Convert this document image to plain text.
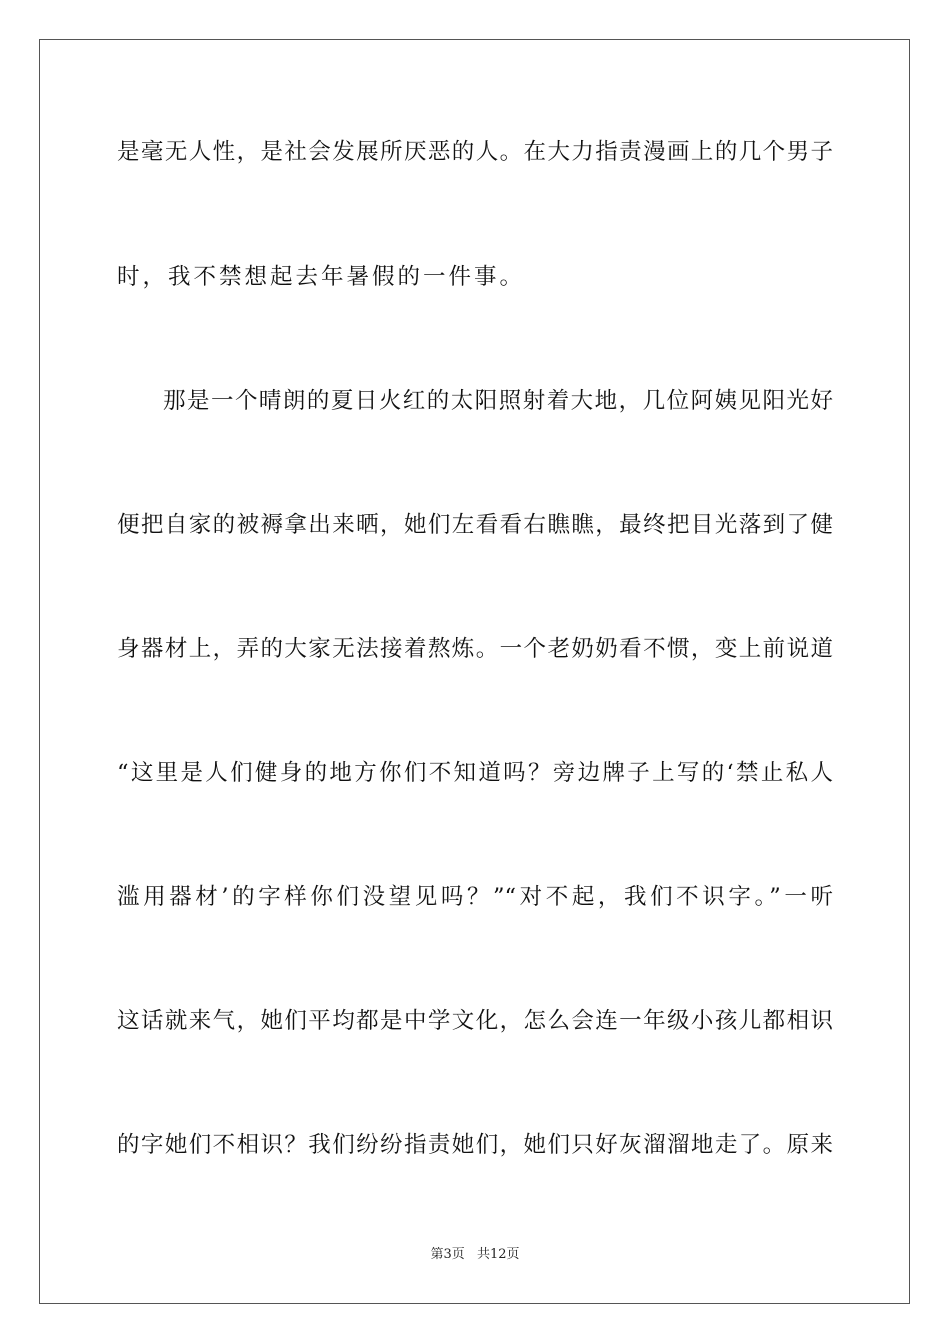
是毫无人性，是社会发展所厌恶的人。在大力指责漫画上的几个男子
时，我不禁想起去年暑假的一件事。
那是一个晴朗的夏日火红的太阳照射着大地，几位阿姨见阳光好
便把自家的被褥拿出来晒，她们左看看右瞧瞧，最终把目光落到了健
身器材上，弄的大家无法接着熬炼。一个老奶奶看不惯，变上前说道
“这里是人们健身的地方你们不知道吗？旁边牌子上写的‘禁止私人
滥用器材’的字样你们没望见吗？”“对不起，我们不识字。”一听
这话就来气，她们平均都是中学文化，怎么会连一年级小孩儿都相识
的字她们不相识？我们纷纷指责她们，她们只好灰溜溜地走了。原来
第3页 共12页
